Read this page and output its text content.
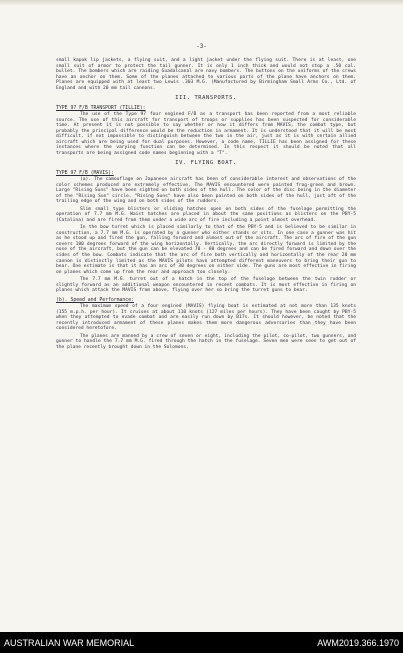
-3-

small kapok lip jackets, a flying suit, and a light jacket under the flying suit. There is at least, one small suit of armor to protect the tail gunner. It is only 1 inch thick and would not stop a .50 cal. bullet. The bombers which are raiding Guadalcanal are navy bombers. The buttons on the uniforms of the crews have an anchor on them. Some of the planes attached to various parts of the plane have anchors on them. Planes are equipped with at least two Lewis .303 M.G. (Manufactured by Birmingham Small Arms Co., Ltd. of England and with 20 mm tail cannons.

III. TRANSPORTS.
TYPE 97 F/B TRANSPORT (TILLIE):

The use of the Type 97 four engined F/B as a transport has been reported from a most reliable source. The use of this aircraft for transport of troops or supplies has been suspected for considerable time. At present it is not possible to say whether or how it differs from MAVIS, the combat type, but probably the principal difference would be the reduction in armament. It is understood that it will be most difficult, if not impossible to distinguish between the two in the air, just as it is with certain allied aircraft which are being used for dual purposes. However, a code name, TILLIE has been assigned for these instances where the varying function can be determined. In this respect it should be noted that all transports are being assigned code names beginning with a "T".

IV. FLYING BOAT.
TYPE 97 F/B (MAVIS):

(a). The camouflage on Japanese aircraft has been of considerable interest and observations of the color schemes produced are extremely effective. The MAVIS encountered were painted frog-green and brown. Large "Rising Suns" have been sighted on both sides of the hull. The color of the disc being in the diameter of the "Rising Sun" circle. "Rising Suns" have also been painted on both sides of the hull, just aft of the trailing edge of the wing and on both sides of the rudders.

Slim small type blisters or sliding hatches open on both sides of the fuselage permitting the operation of 7.7 mm M.G. Waist hatches are placed in about the same positions as blisters on the PBY-5 (Catalina) and are fired from them under a wide arc of fire including a point almost overhead.

In the bow turret which is placed similarly to that of the PBY-5 and is believed to be similar in construction, a 7.7 mm M.G. is operated by a gunner who either stands or sits. In one case a gunner was hit as he stood up and fired the gun, falling forward and almost out of the aircraft. The arc of fire of the gun covers 180 degrees forward of the wing horizontally. Vertically, the arc directly forward is limited by the nose of the aircraft, but the gun can be elevated 70 - 80 degrees and can be fired forward and down over the sides of the bow. Combats indicate that the arc of fire both vertically and horizontally of the rear 20 mm cannon is distinctly limited as the MAVIS pilots have attempted different maneuvers to bring their gun to bear. One estimate is that it has an arc of 30 degrees on either side. The guns are most effective in firing on planes which come up from the rear and approach too closely.

The 7.7 mm M.G. turret out of a hatch in the top of the fuselage between the twin rudder or slightly forward as an additional weapon encountered in recent combats. It is most effective in firing on planes which attack the MAVIS from above, flying over her so bring the turret guns to bear.

(b). Speed and Performance:

The maximum speed of a four engined (MAVIS) flying boat is estimated at not more than 135 knots (155 m.p.h. per hour). It cruises at about 110 knots (127 miles per hours). They have been caught by PBY-5 when they attempted to evade combat and are easily run down by B17s. It should however, be noted that the recently introduced armament of these planes makes them more dangerous adversaries than they have been considered heretofore.

The planes are manned by a crew of seven or eight, including the pilot, co-pilot, two gunners, and gunner to handle the 7.7 mm M.G. fired through the hatch in the fuselage. Seven men were seen to get out of the plane recently brought down in the Solomons.

AUSTRALIAN WAR MEMORIAL	AWM2019.366.1970
